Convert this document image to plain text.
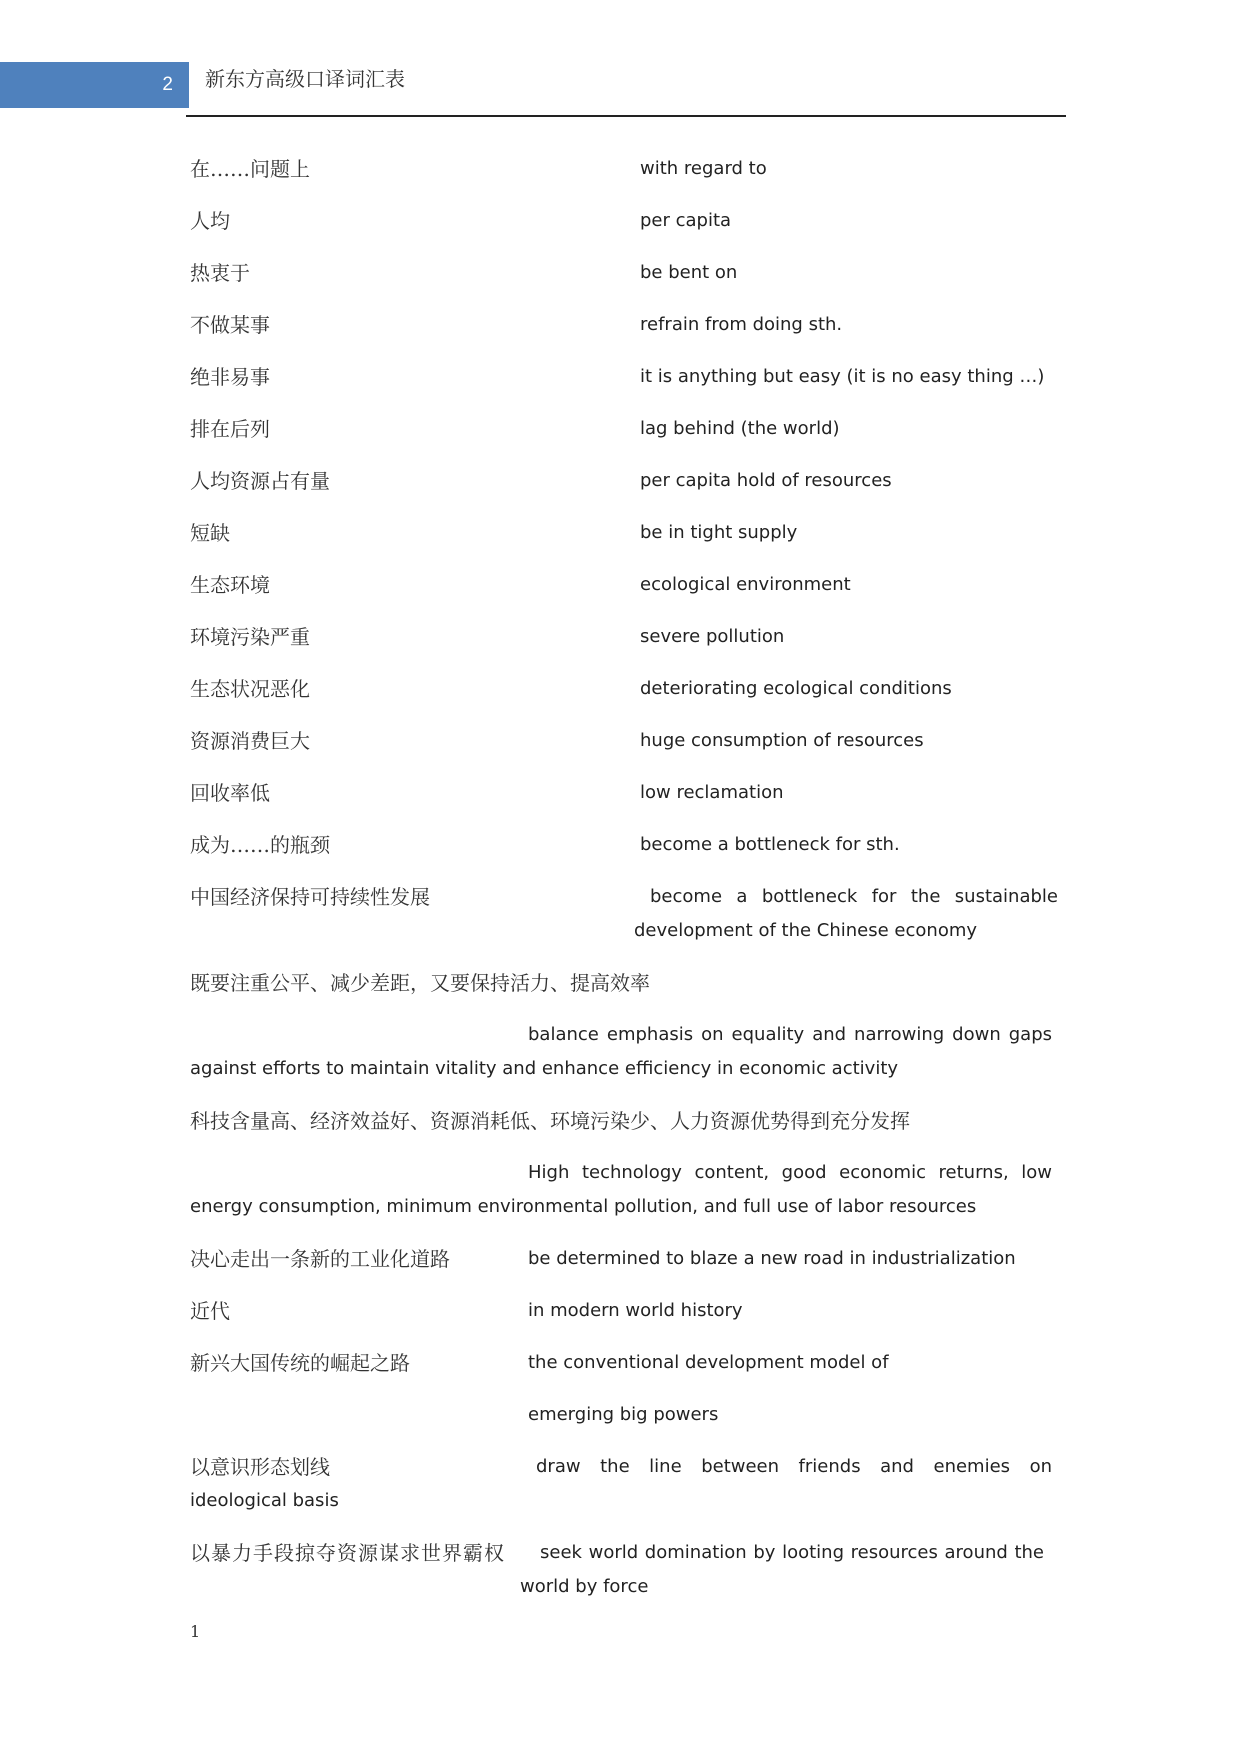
2 新东方高级口译词汇表
在……问题上	with regard to
人均	per capita
热衷于	be bent on
不做某事	refrain from doing sth.
绝非易事	it is anything but easy (it is no easy thing …)
排在后列	lag behind (the world)
人均资源占有量	per capita hold of resources
短缺	be in tight supply
生态环境	ecological environment
环境污染严重	severe pollution
生态状况恶化	deteriorating ecological conditions
资源消费巨大	huge consumption of resources
回收率低	low reclamation
成为……的瓶颈	become a bottleneck for sth.
中国经济保持可持续性发展	become a bottleneck for the sustainable development of the Chinese economy
既要注重公平、减少差距，又要保持活力、提高效率
balance emphasis on equality and narrowing down gaps against efforts to maintain vitality and enhance efficiency in economic activity
科技含量高、经济效益好、资源消耗低、环境污染少、人力资源优势得到充分发挥
High technology content, good economic returns, low energy consumption, minimum environmental pollution, and full use of labor resources
决心走出一条新的工业化道路	be determined to blaze a new road in industrialization
近代	in modern world history
新兴大国传统的崛起之路	the conventional development model of emerging big powers
以意识形态划线	draw the line between friends and enemies on ideological basis
以暴力手段掠夺资源谋求世界霸权	seek world domination by looting resources around the world by force
1
